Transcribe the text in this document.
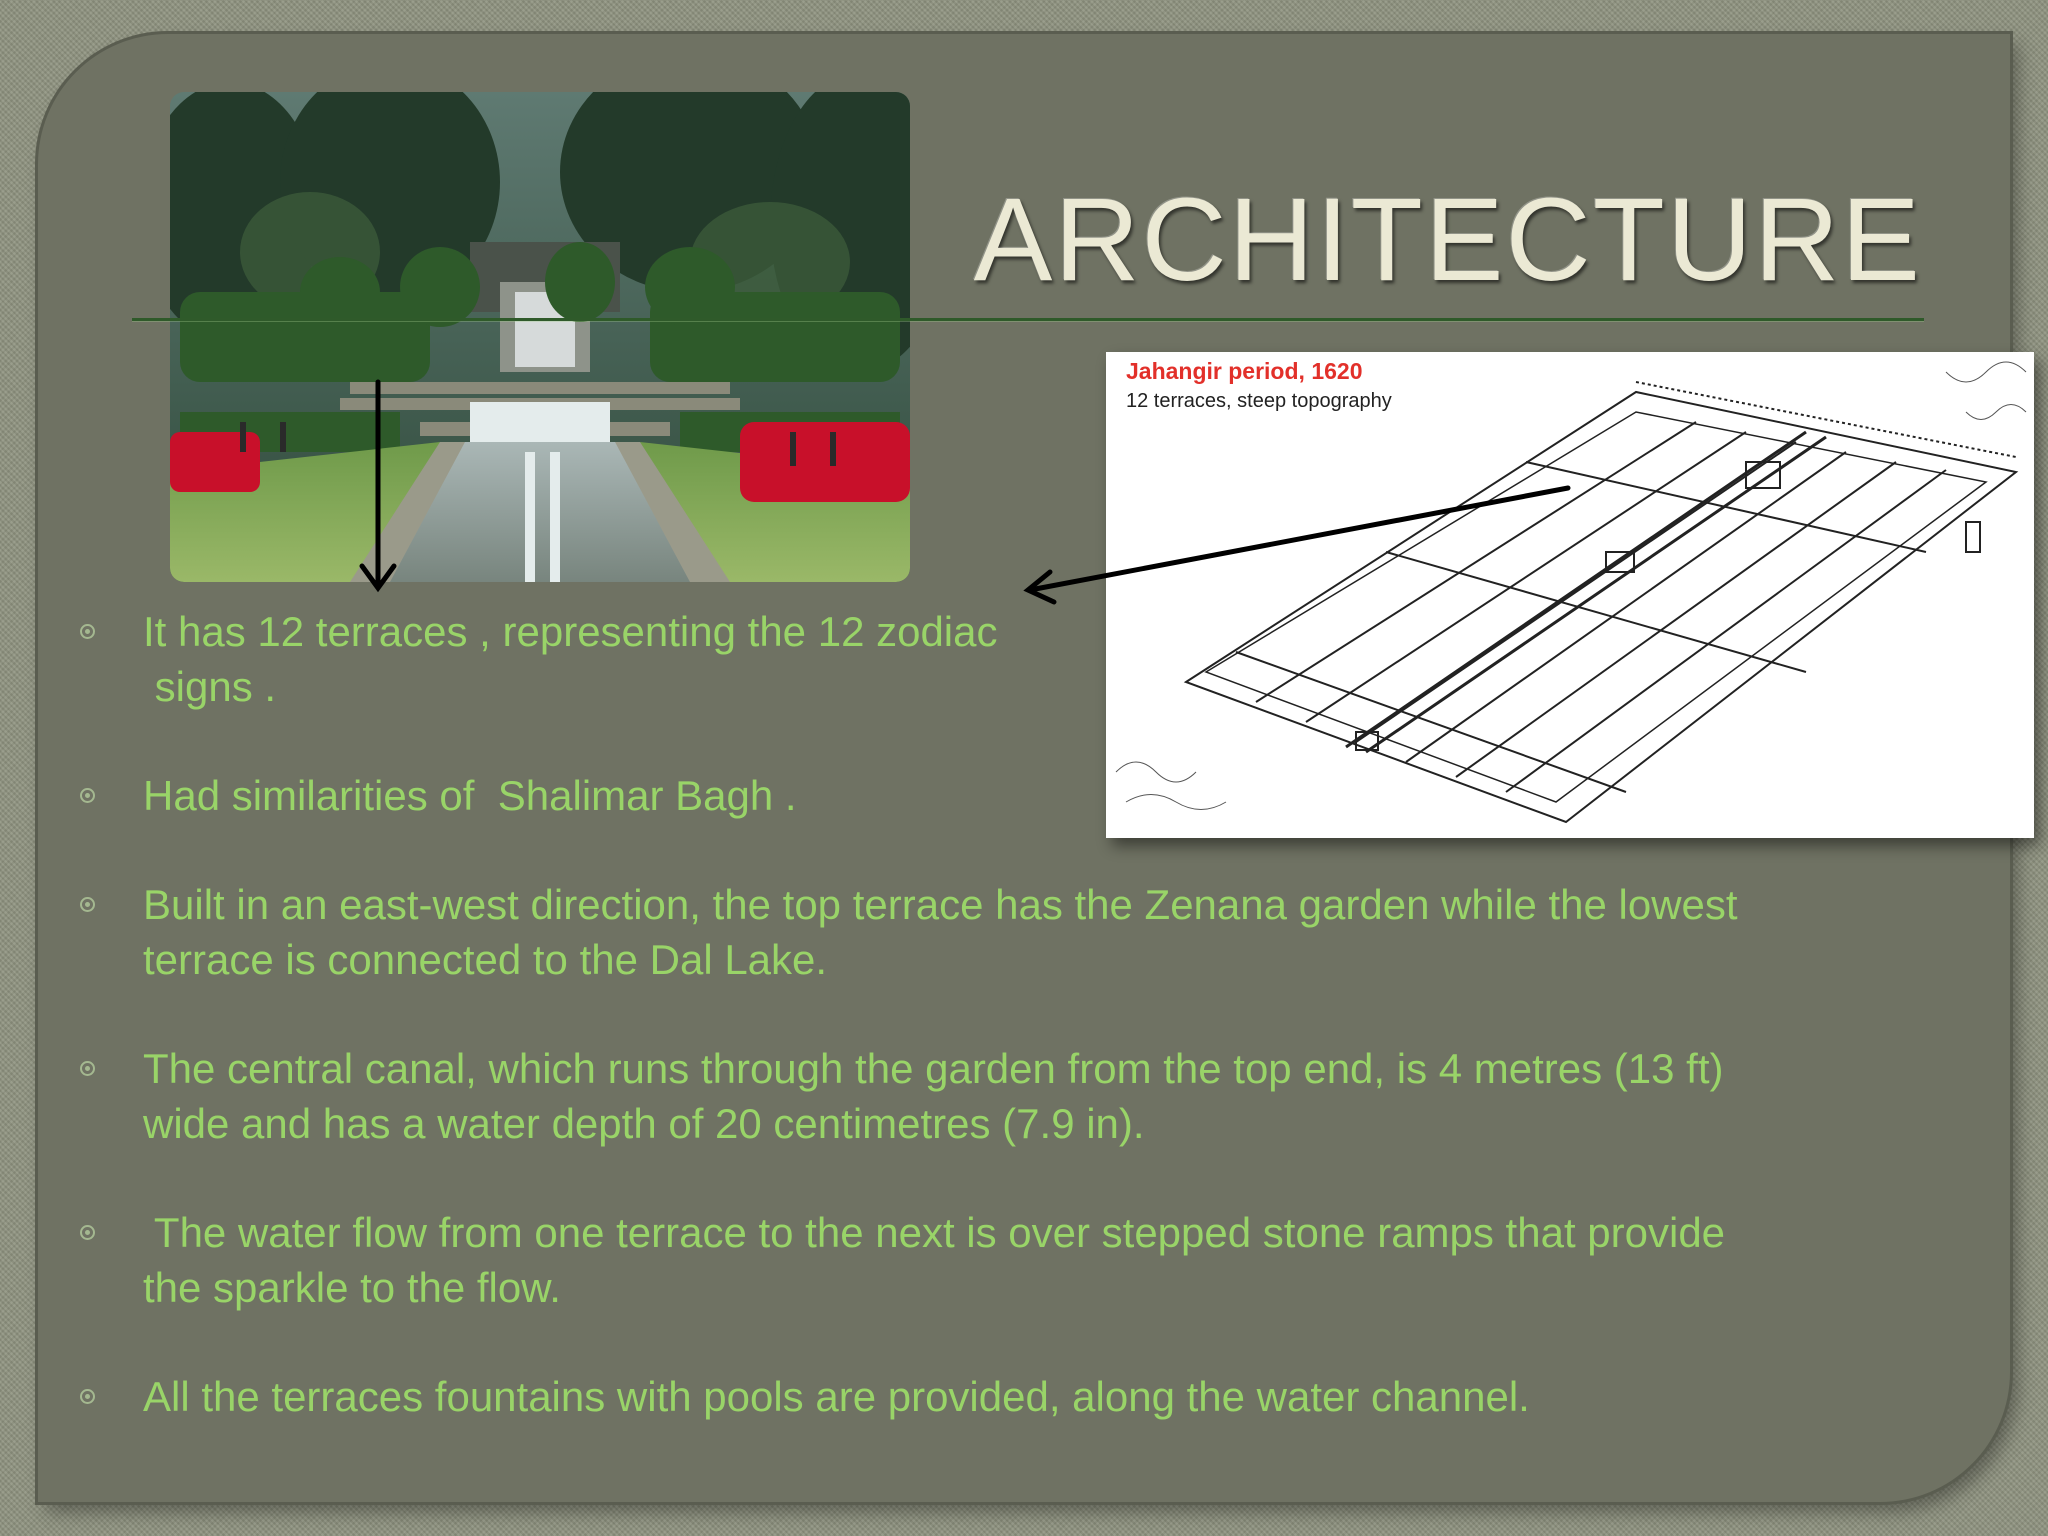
ARCHITECTURE
Jahangir period, 1620
12 terraces, steep topography
It has 12 terraces , representing the 12 zodiac
signs .
Had similarities of  Shalimar Bagh .
Built in an east-west direction, the top terrace has the Zenana garden while the lowest
terrace is connected to the Dal Lake.
The central canal, which runs through the garden from the top end, is 4 metres (13 ft)
wide and has a water depth of 20 centimetres (7.9 in).
The water flow from one terrace to the next is over stepped stone ramps that provide
the sparkle to the flow.
All the terraces fountains with pools are provided, along the water channel.
